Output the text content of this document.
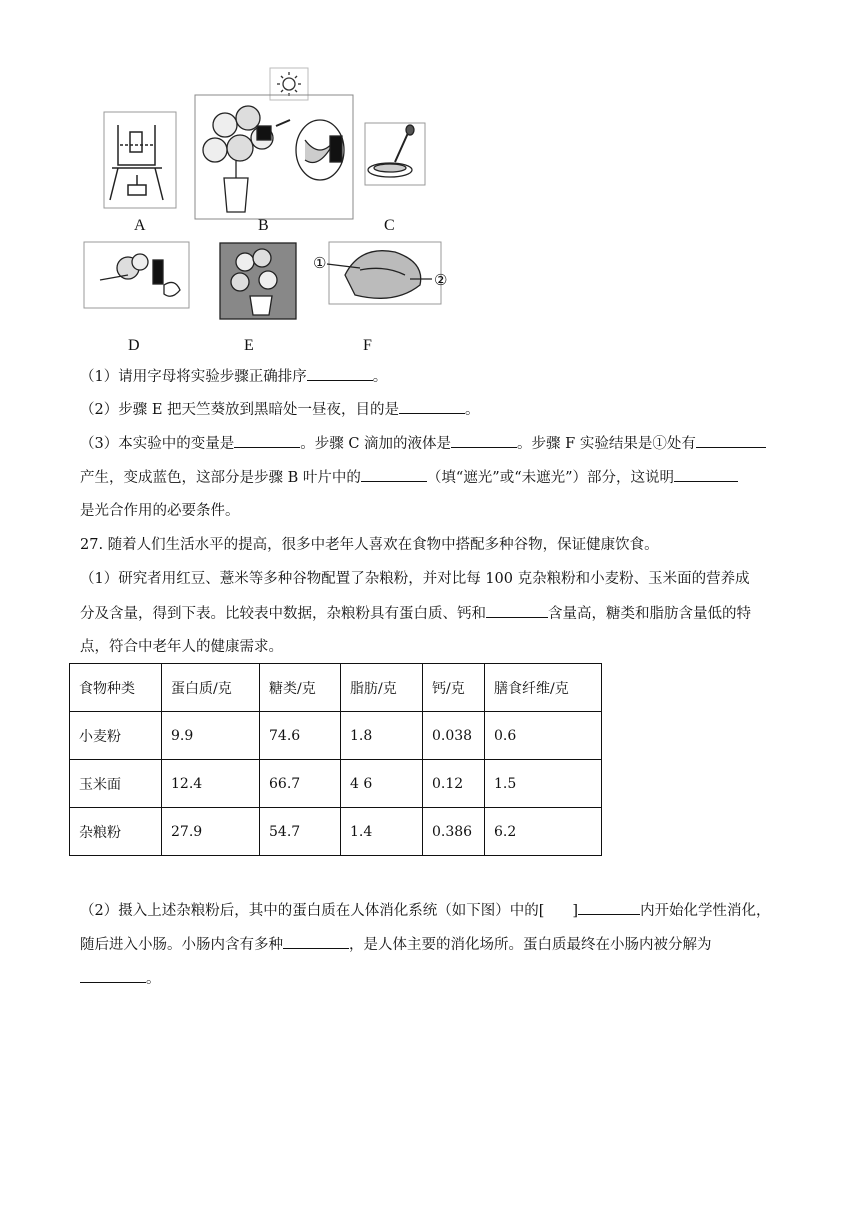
①
②
A	B	C
D	E	F
（1）请用字母将实验步骤正确排序	。
（2）步骤 E 把天竺葵放到黑暗处一昼夜，目的是	。
（3）本实验中的变量是	。步骤 C 滴加的液体是	。步骤 F 实验结果是①处有
产生，变成蓝色，这部分是步骤 B 叶片中的	（填“遮光”或“未遮光”）部分，这说明
是光合作用的必要条件。
27. 随着人们生活水平的提高，很多中老年人喜欢在食物中搭配多种谷物，保证健康饮食。
（1）研究者用红豆、薏米等多种谷物配置了杂粮粉，并对比每 100 克杂粮粉和小麦粉、玉米面的营养成
分及含量，得到下表。比较表中数据，杂粮粉具有蛋白质、钙和	含量高，糖类和脂肪含量低的特
点，符合中老年人的健康需求。
食物种类	蛋白质/克	糖类/克	脂肪/克	钙/克	膳食纤维/克
小麦粉	9.9	74.6	1.8	0.038	0.6
玉米面	12.4	66.7	4 6	0.12	1.5
杂粮粉	27.9	54.7	1.4	0.386	6.2
（2）摄入上述杂粮粉后，其中的蛋白质在人体消化系统（如下图）中的[ ]	内开始化学性消化，
随后进入小肠。小肠内含有多种	，是人体主要的消化场所。蛋白质最终在小肠内被分解为
。
